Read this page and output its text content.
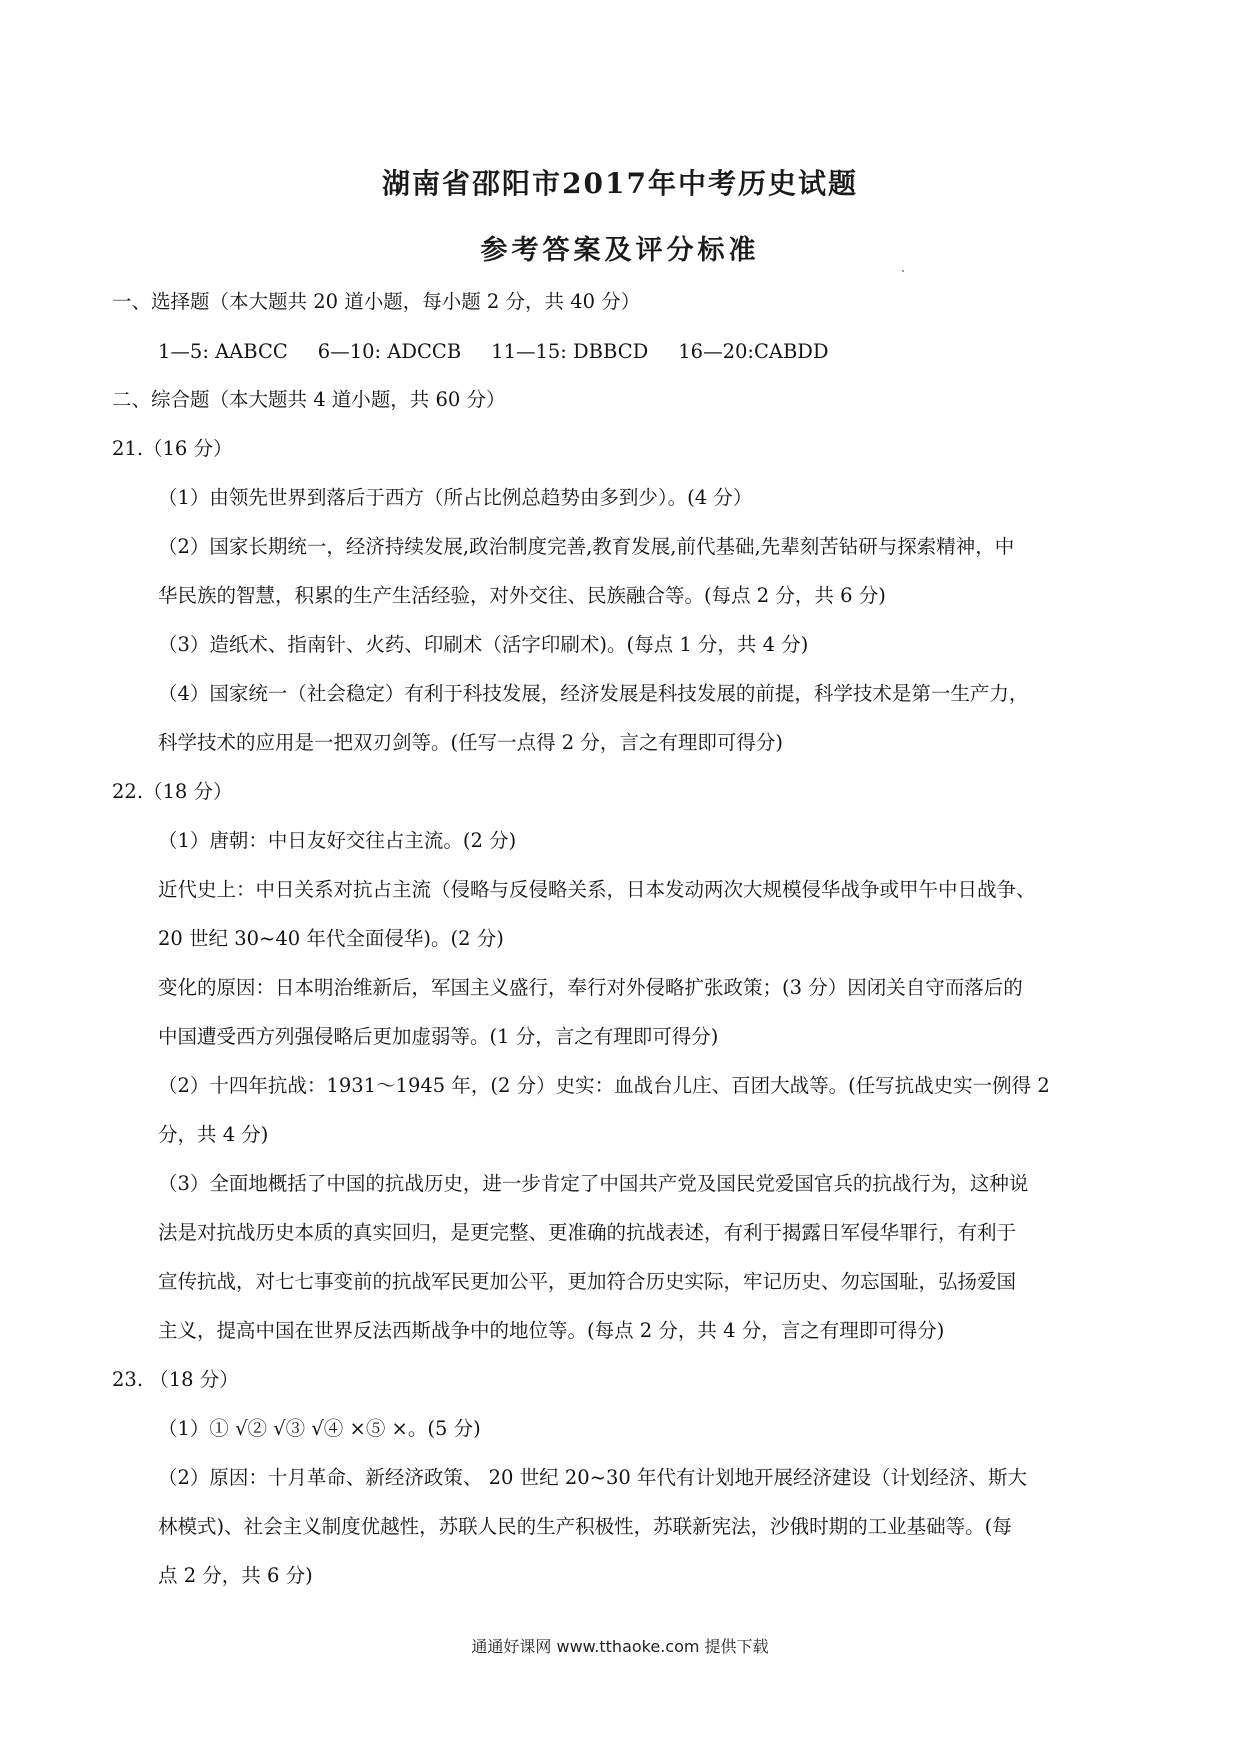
湖南省邵阳市2017年中考历史试题
参考答案及评分标准
一、选择题（本大题共 20 道小题，每小题 2 分，共 40 分）
1—5: AABCC 6—10: ADCCB 11—15: DBBCD 16—20:CABDD
二、综合题（本大题共 4 道小题，共 60 分）
21.（16 分）
（1）由领先世界到落后于西方（所占比例总趋势由多到少）。(4 分）
（2）国家长期统一，经济持续发展,政治制度完善,教育发展,前代基础,先辈刻苦钻研与探索精神，中
华民族的智慧，积累的生产生活经验，对外交往、民族融合等。(每点 2 分，共 6 分)
（3）造纸术、指南针、火药、印刷术（活字印刷术)。(每点 1 分，共 4 分)
（4）国家统一（社会稳定）有利于科技发展，经济发展是科技发展的前提，科学技术是第一生产力，
科学技术的应用是一把双刃剑等。(任写一点得 2 分，言之有理即可得分)
22.（18 分）
（1）唐朝：中日友好交往占主流。(2 分)
近代史上：中日关系对抗占主流（侵略与反侵略关系，日本发动两次大规模侵华战争或甲午中日战争、
20 世纪 30~40 年代全面侵华)。(2 分)
变化的原因：日本明治维新后，军国主义盛行，奉行对外侵略扩张政策；(3 分）因闭关自守而落后的
中国遭受西方列强侵略后更加虚弱等。(1 分，言之有理即可得分)
（2）十四年抗战：1931～1945 年，(2 分）史实：血战台儿庄、百团大战等。(任写抗战史实一例得 2
分，共 4 分)
（3）全面地概括了中国的抗战历史，进一步肯定了中国共产党及国民党爱国官兵的抗战行为，这种说
法是对抗战历史本质的真实回归，是更完整、更准确的抗战表述，有利于揭露日军侵华罪行，有利于
宣传抗战，对七七事变前的抗战军民更加公平，更加符合历史实际，牢记历史、勿忘国耻，弘扬爱国
主义，提高中国在世界反法西斯战争中的地位等。(每点 2 分，共 4 分，言之有理即可得分)
23. （18 分）
（1）① √② √③ √④ ×⑤ ×。(5 分)
（2）原因：十月革命、新经济政策、 20 世纪 20~30 年代有计划地开展经济建设（计划经济、斯大
林模式)、社会主义制度优越性，苏联人民的生产积极性，苏联新宪法，沙俄时期的工业基础等。(每
点 2 分，共 6 分)
通通好课网 www.tthaoke.com 提供下载
